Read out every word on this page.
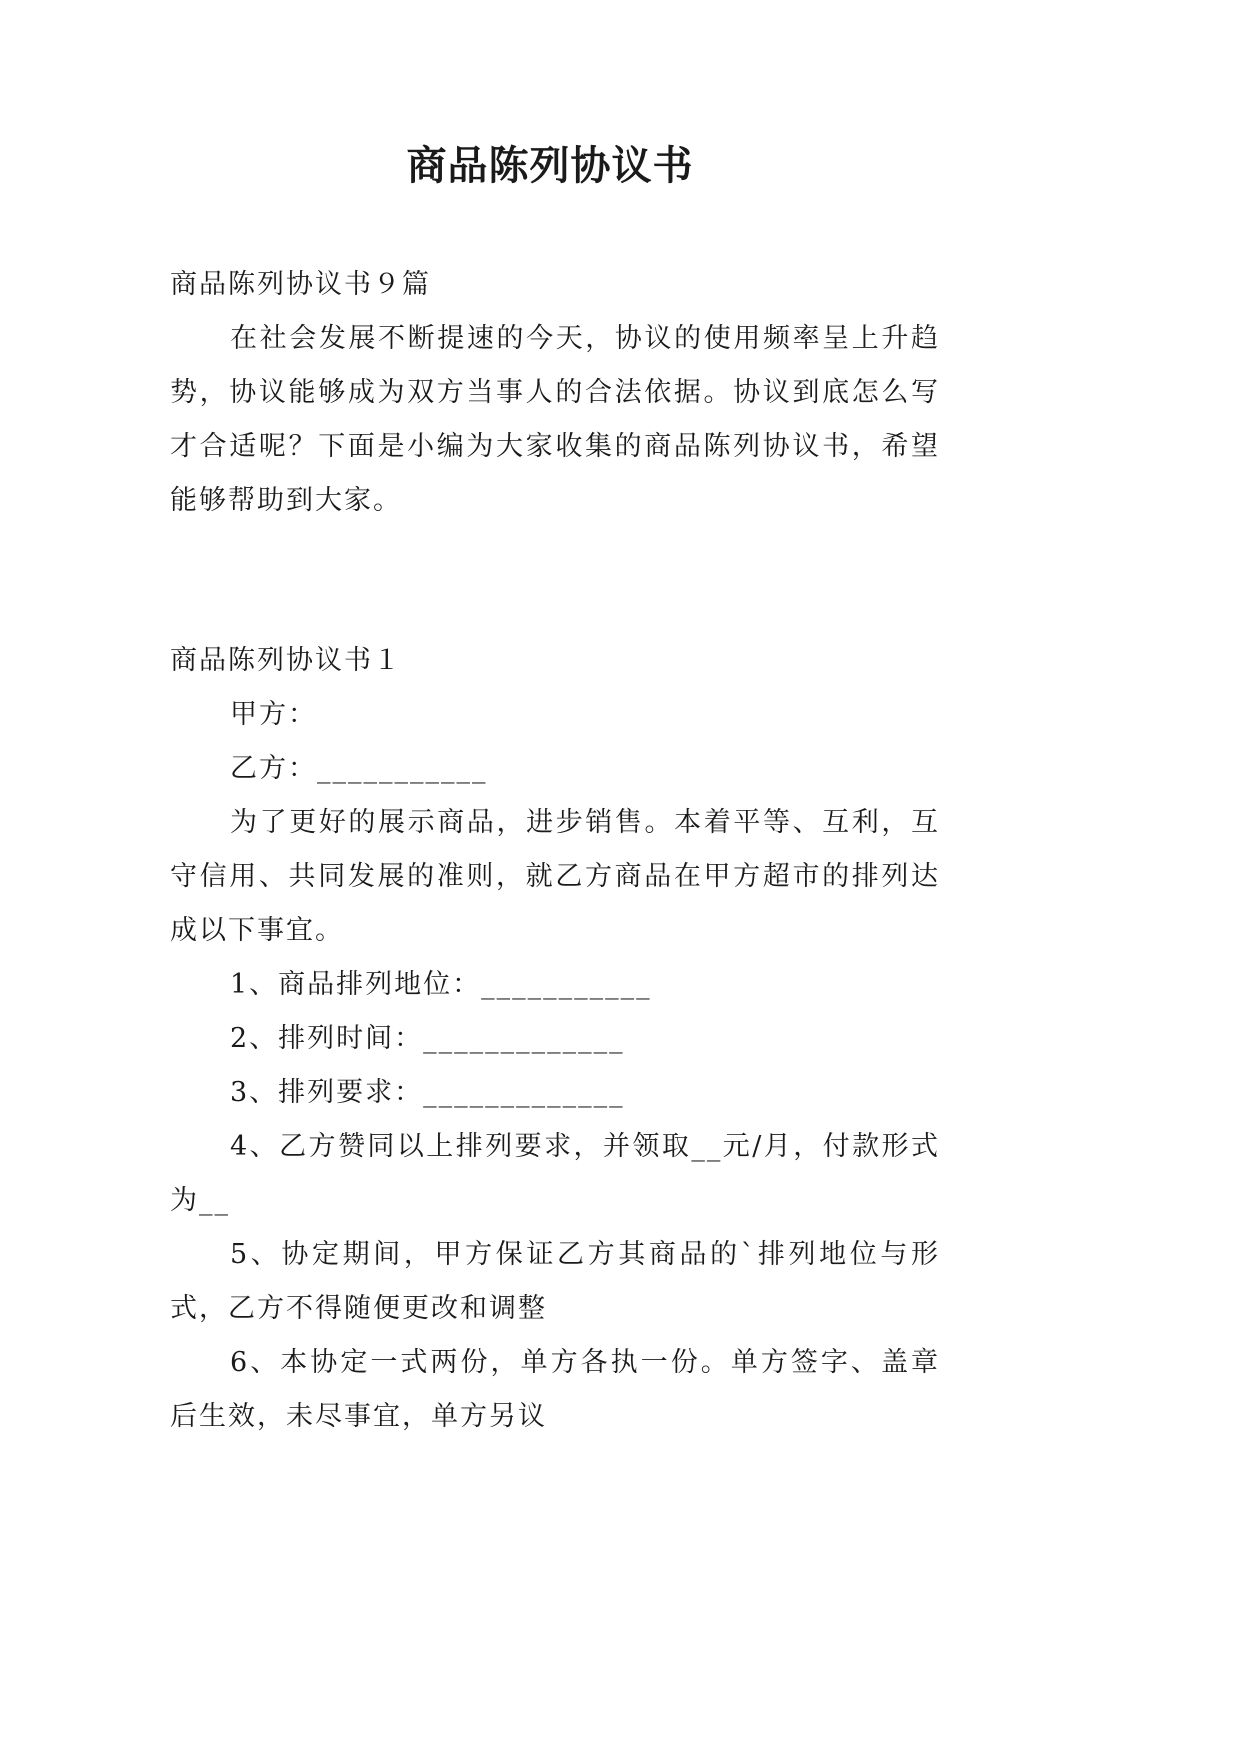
商品陈列协议书

商品陈列协议书９篇

在社会发展不断提速的今天，协议的使用频率呈上升趋势，协议能够成为双方当事人的合法依据。协议到底怎么写才合适呢？下面是小编为大家收集的商品陈列协议书，希望能够帮助到大家。

商品陈列协议书１

甲方：

乙方：___________

为了更好的展示商品，进步销售。本着平等、互利，互守信用、共同发展的准则，就乙方商品在甲方超市的排列达成以下事宜。

1、商品排列地位：___________

2、排列时间：_____________

3、排列要求：_____________

4、乙方赞同以上排列要求，并领取__元/月，付款形式为__

5、协定期间，甲方保证乙方其商品的`排列地位与形式，乙方不得随便更改和调整

6、本协定一式两份，单方各执一份。单方签字、盖章后生效，未尽事宜，单方另议
